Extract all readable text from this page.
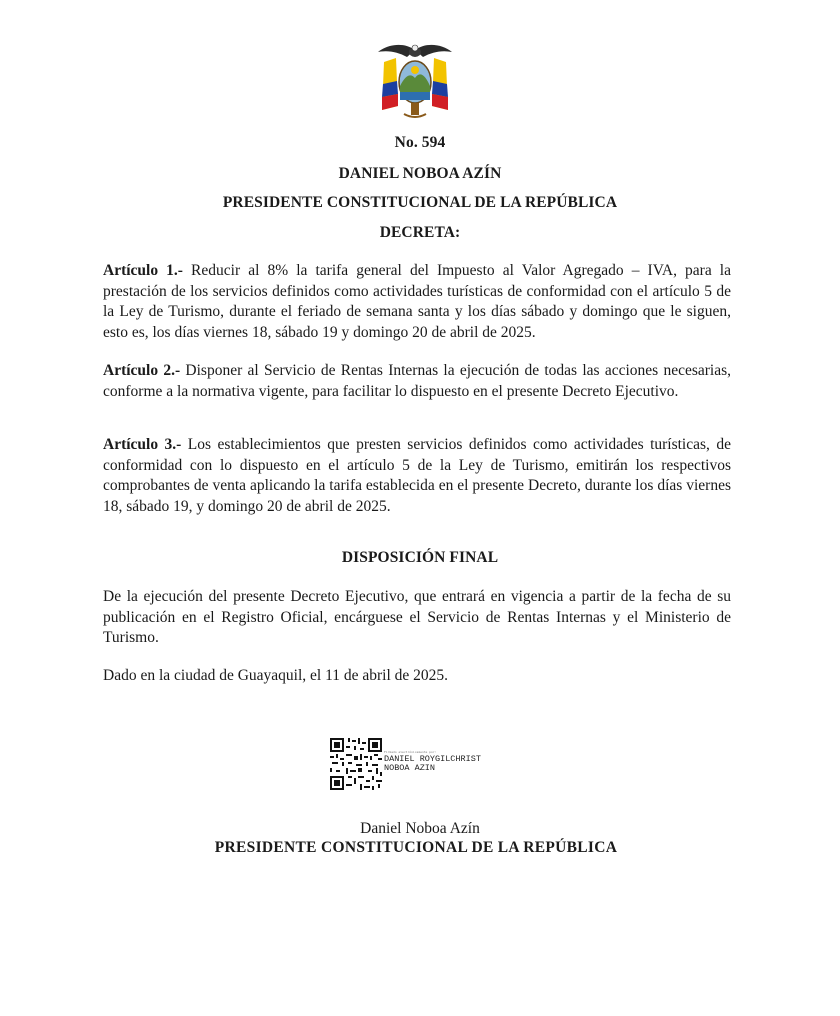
No. 594
DANIEL NOBOA AZÍN
PRESIDENTE CONSTITUCIONAL DE LA REPÚBLICA
DECRETA:

Artículo 1.- Reducir al 8% la tarifa general del Impuesto al Valor Agregado – IVA, para la prestación de los servicios definidos como actividades turísticas de conformidad con el artículo 5 de la Ley de Turismo, durante el feriado de semana santa y los días sábado y domingo que le siguen, esto es, los días viernes 18, sábado 19 y domingo 20 de abril de 2025.

Artículo 2.- Disponer al Servicio de Rentas Internas la ejecución de todas las acciones necesarias, conforme a la normativa vigente, para facilitar lo dispuesto en el presente Decreto Ejecutivo.

Artículo 3.- Los establecimientos que presten servicios definidos como actividades turísticas, de conformidad con lo dispuesto en el artículo 5 de la Ley de Turismo, emitirán los respectivos comprobantes de venta aplicando la tarifa establecida en el presente Decreto, durante los días viernes 18, sábado 19, y domingo 20 de abril de 2025.

DISPOSICIÓN FINAL

De la ejecución del presente Decreto Ejecutivo, que entrará en vigencia a partir de la fecha de su publicación en el Registro Oficial, encárguese el Servicio de Rentas Internas y el Ministerio de Turismo.

Dado en la ciudad de Guayaquil, el 11 de abril de 2025.

Firmado electrónicamente por:
DANIEL ROYGILCHRIST
NOBOA AZIN
Daniel Noboa Azín
PRESIDENTE CONSTITUCIONAL DE LA REPÚBLICA
